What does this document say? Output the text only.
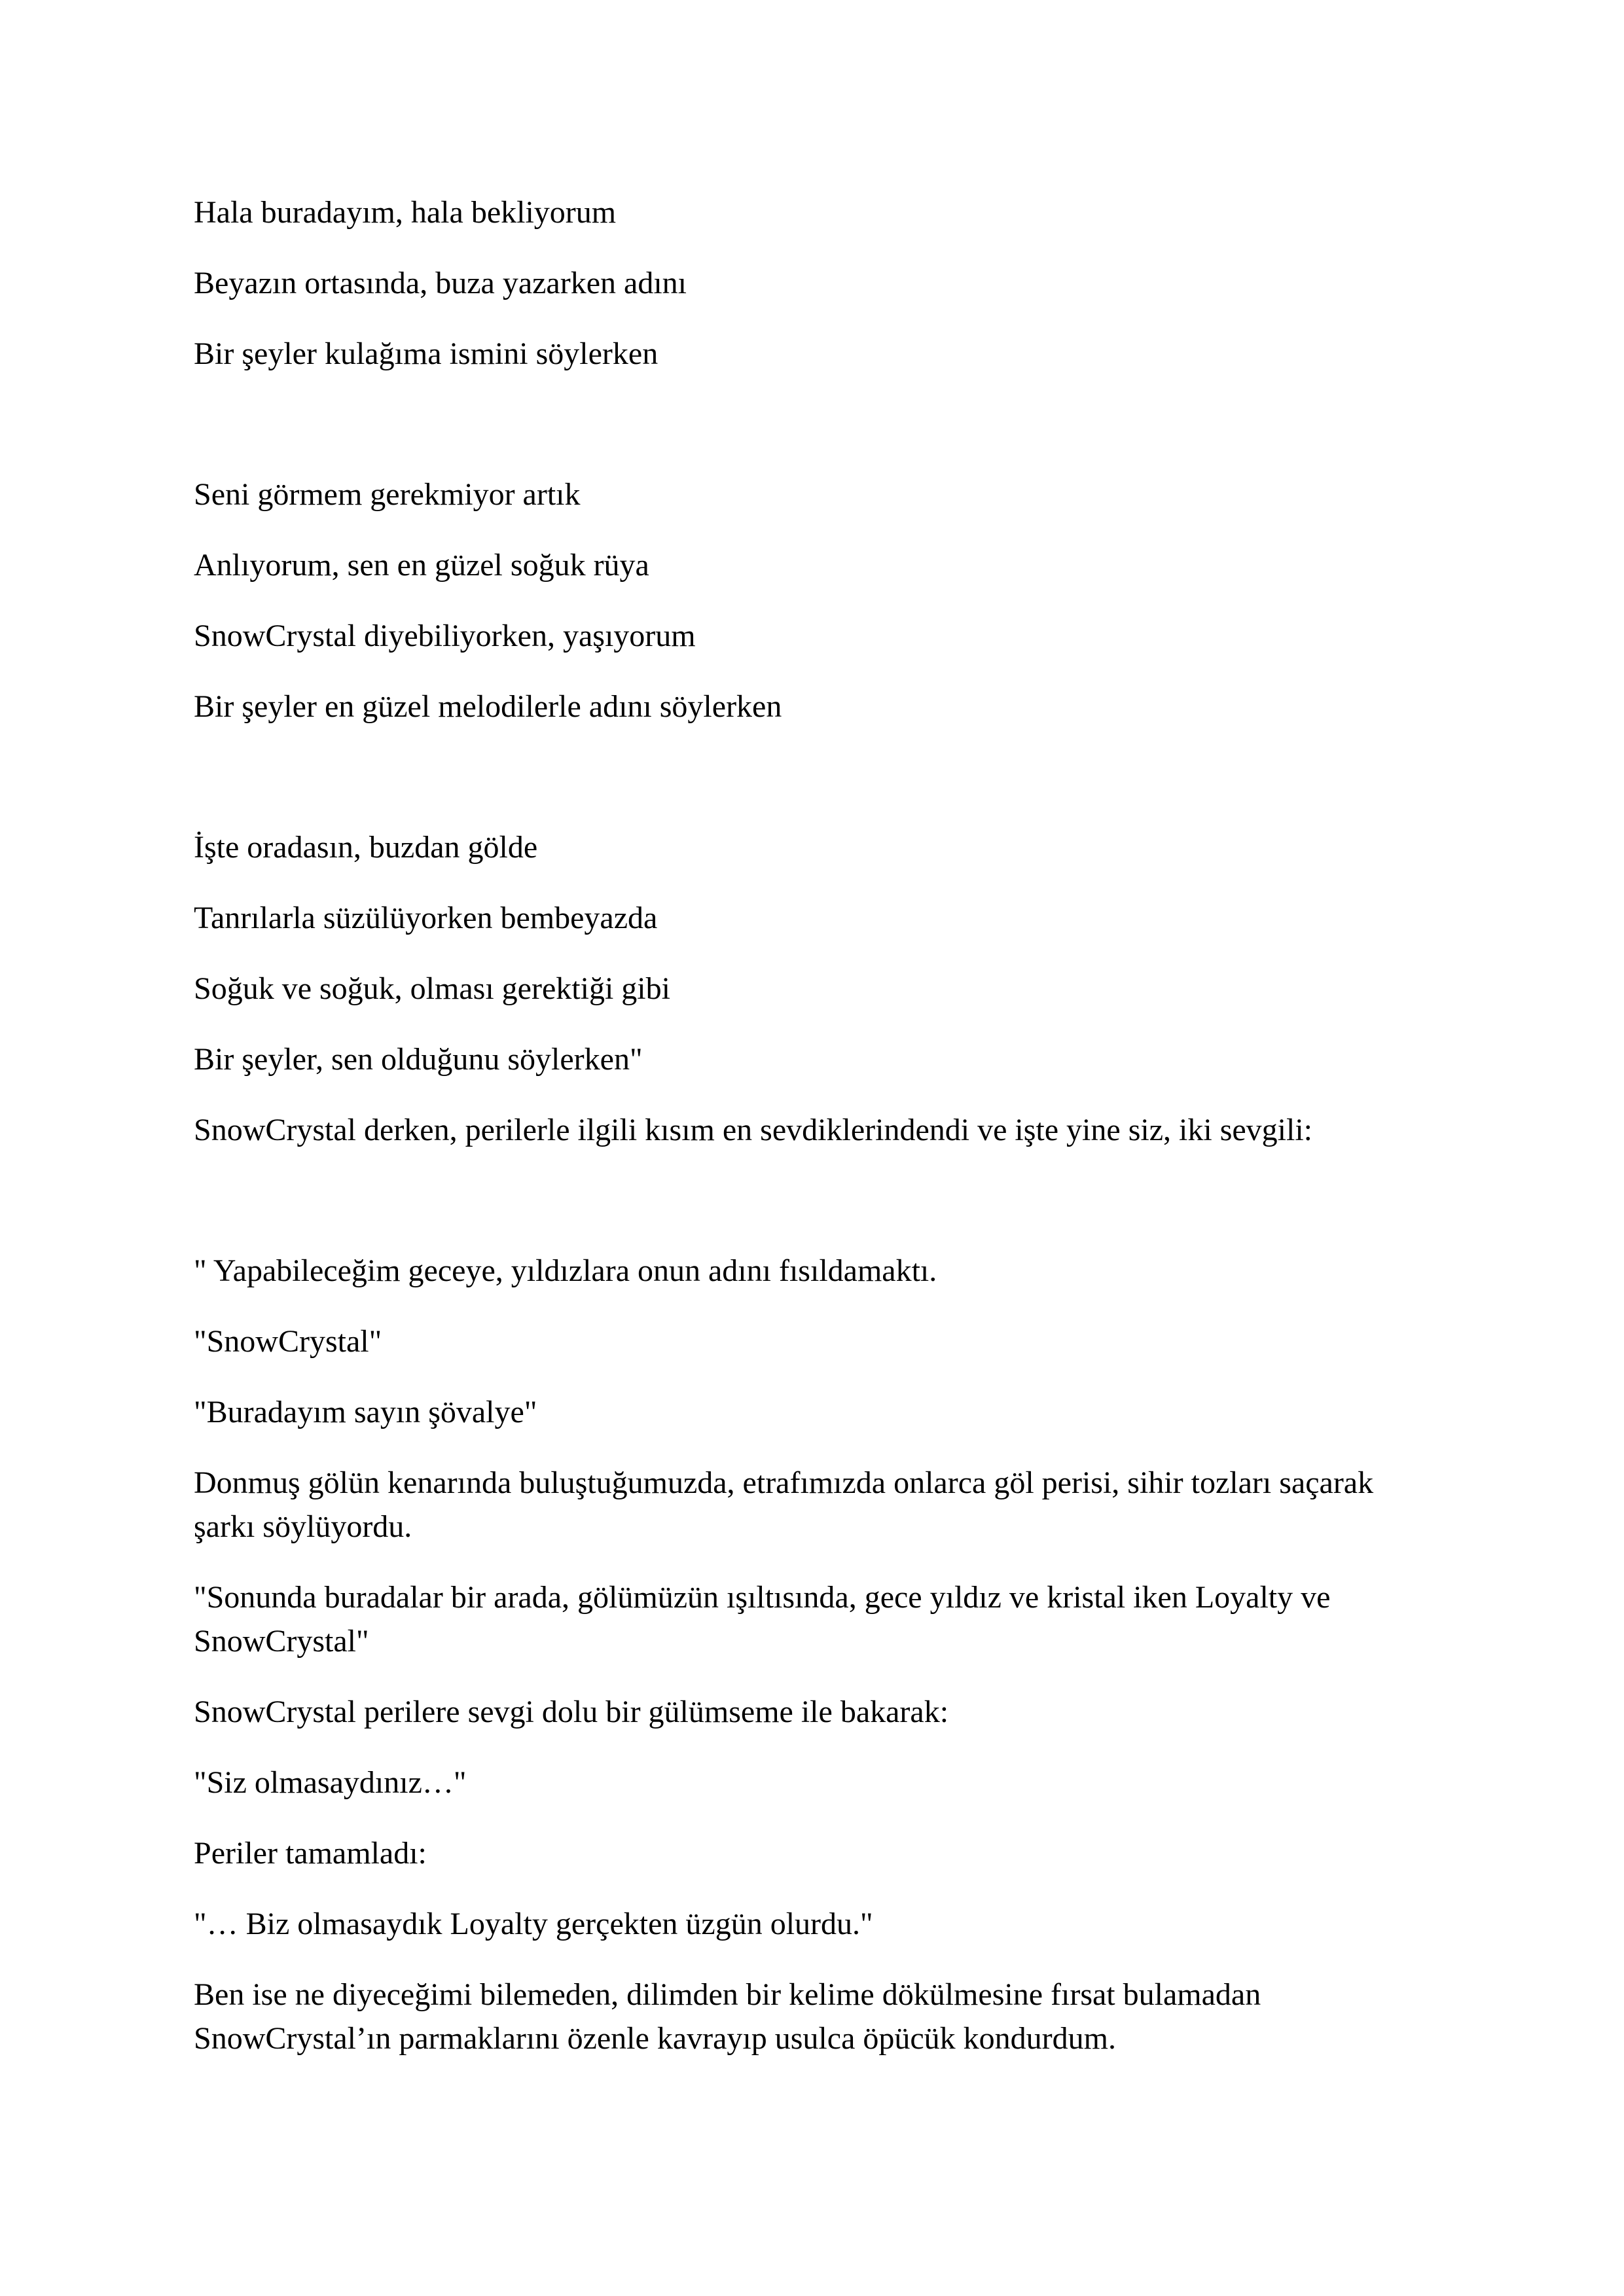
Hala buradayım, hala bekliyorum

Beyazın ortasında, buza yazarken adını

Bir şeyler kulağıma ismini söylerken

Seni görmem gerekmiyor artık

Anlıyorum, sen en güzel soğuk rüya

SnowCrystal diyebiliyorken, yaşıyorum

Bir şeyler en güzel melodilerle adını söylerken

İşte oradasın, buzdan gölde

Tanrılarla süzülüyorken bembeyazda

Soğuk ve soğuk, olması gerektiği gibi

Bir şeyler, sen olduğunu söylerken"

SnowCrystal derken, perilerle ilgili kısım en sevdiklerindendi ve işte yine siz, iki sevgili:

" Yapabileceğim geceye, yıldızlara onun adını fısıldamaktı.

"SnowCrystal"

"Buradayım sayın şövalye"

Donmuş gölün kenarında buluştuğumuzda, etrafımızda onlarca göl perisi, sihir tozları saçarak şarkı söylüyordu.

"Sonunda buradalar bir arada, gölümüzün ışıltısında, gece yıldız ve kristal iken Loyalty ve SnowCrystal"

SnowCrystal perilere sevgi dolu bir gülümseme ile bakarak:

"Siz olmasaydınız…"

Periler tamamladı:

"… Biz olmasaydık Loyalty gerçekten üzgün olurdu."

Ben ise ne diyeceğimi bilemeden, dilimden bir kelime dökülmesine fırsat bulamadan SnowCrystal’ın parmaklarını özenle kavrayıp usulca öpücük kondurdum.
